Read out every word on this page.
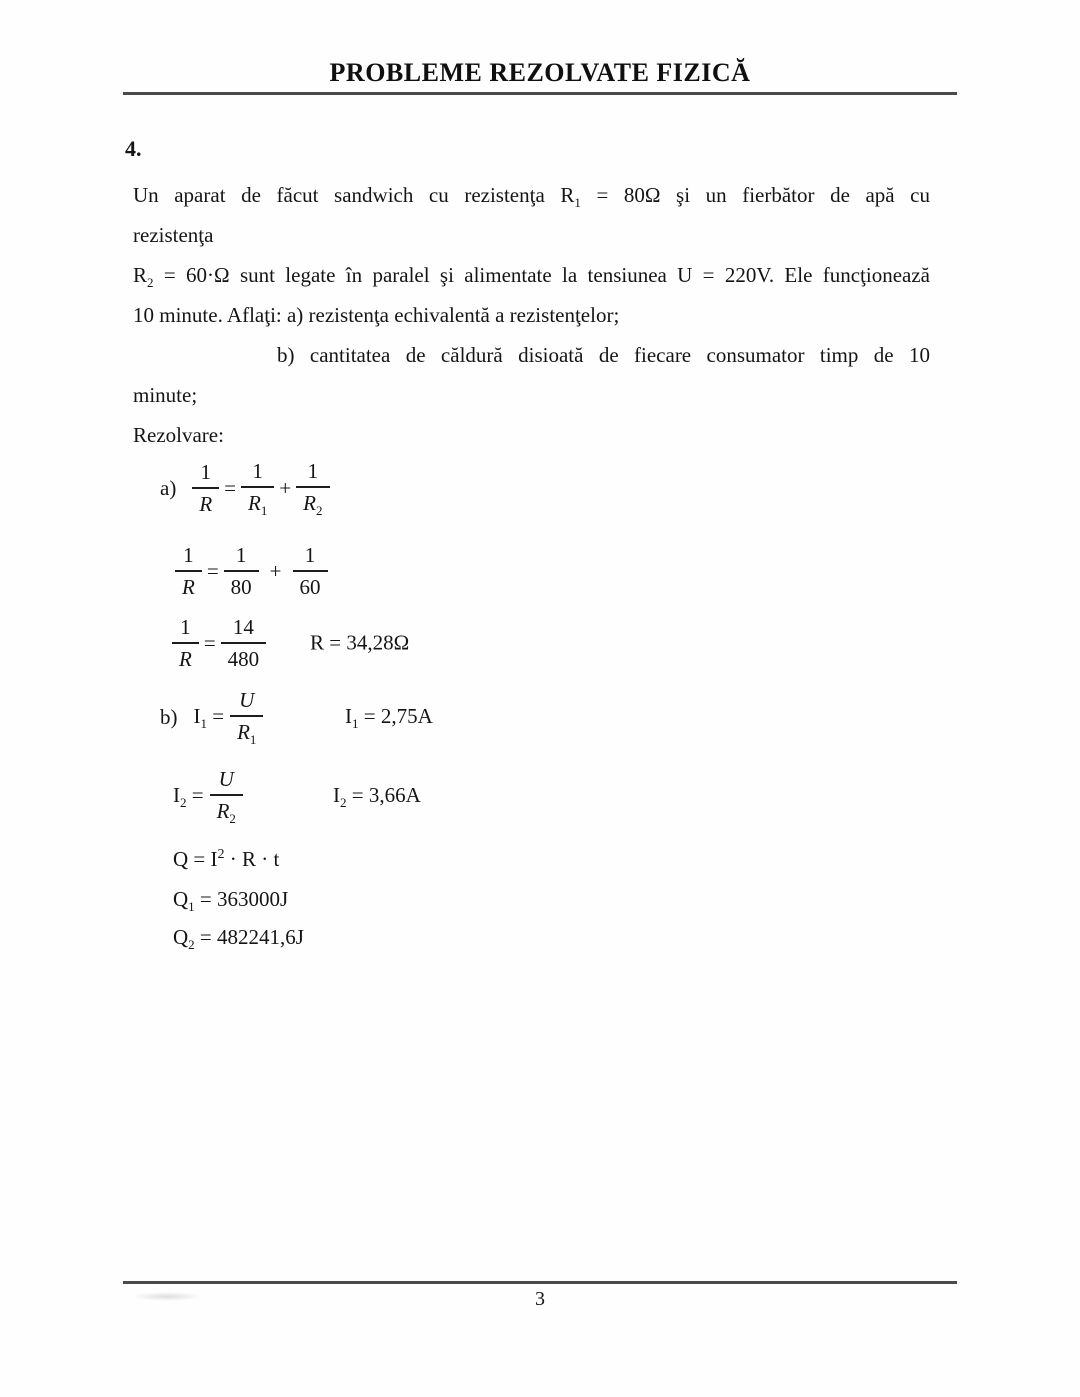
PROBLEME REZOLVATE FIZICĂ
4.
Un aparat de făcut sandwich cu rezistenţa $R_1 = 80\Omega$ şi un fierbător de apă cu
rezistenţa
$R_2 = 60\cdot\Omega$ sunt legate în paralel şi alimentate la tensiunea U = 220V. Ele funcţionează
10 minute. Aflaţi: a) rezistenţa echivalentă a rezistenţelor;
b) cantitatea de căldură disioată de fiecare consumator timp de 10
minute;
Rezolvare:
$a) \frac{1}{R} = \frac{1}{R_1} + \frac{1}{R_2}$
$\frac{1}{R} = \frac{1}{80} + \frac{1}{60}$
$\frac{1}{R} = \frac{14}{480}$ R = 34,28Ω
b) $I_1 = \frac{U}{R_1}$	$I_1 = 2,75A$
$I_2 = \frac{U}{R_2}$	$I_2 = 3,66A$
$Q = I^2 \cdot R \cdot t$
$Q_1 = 363000J$
$Q_2 = 482241,6J$
3
